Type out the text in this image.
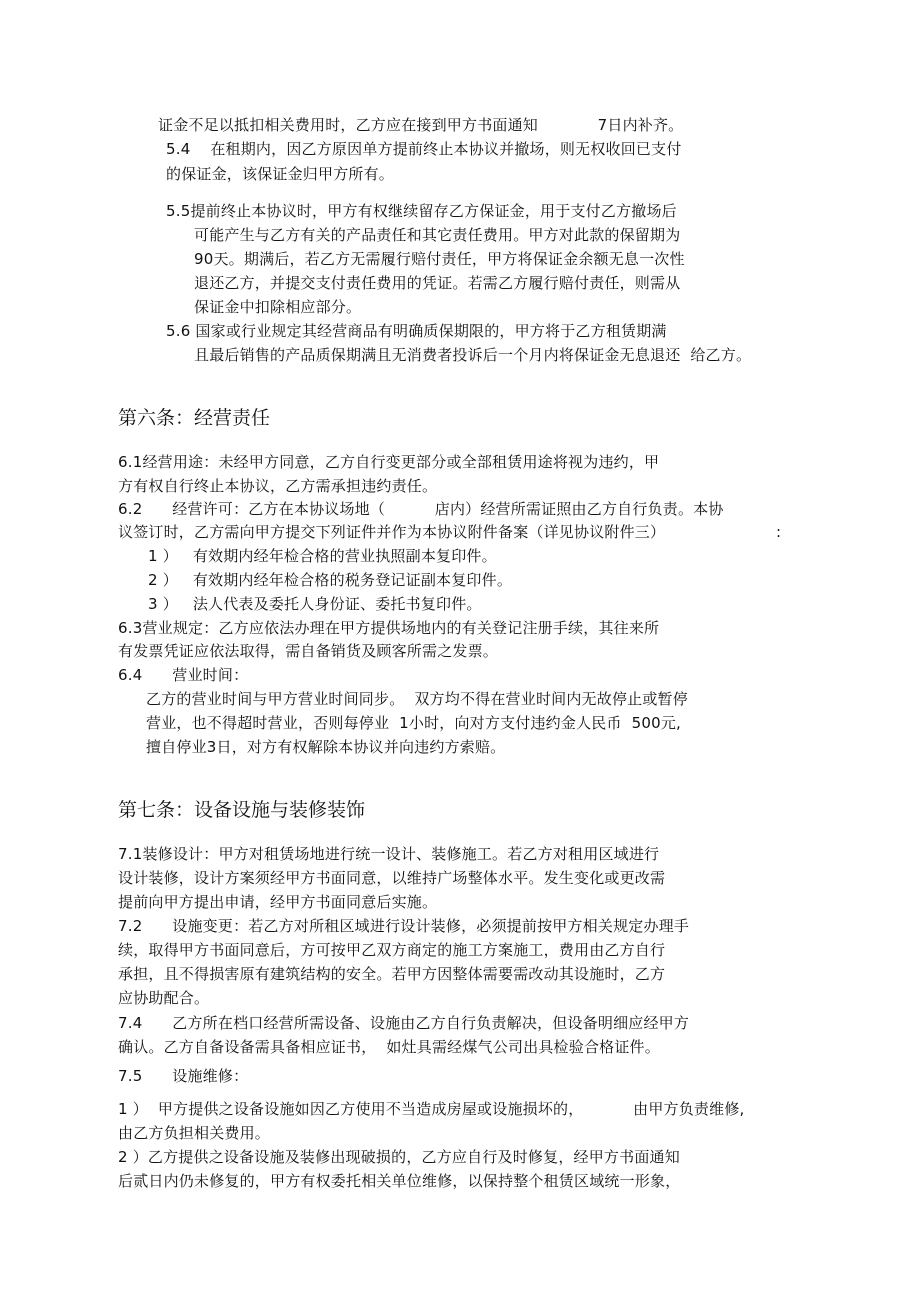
证金不足以抵扣相关费用时，乙方应在接到甲方书面通知            7日内补齐。
5.4    在租期内，因乙方原因单方提前终止本协议并撤场，则无权收回已支付
的保证金，该保证金归甲方所有。
5.5提前终止本协议时，甲方有权继续留存乙方保证金，用于支付乙方撤场后
可能产生与乙方有关的产品责任和其它责任费用。甲方对此款的保留期为
90天。期满后，若乙方无需履行赔付责任，甲方将保证金余额无息一次性
退还乙方，并提交支付责任费用的凭证。若需乙方履行赔付责任，则需从
保证金中扣除相应部分。
5.6 国家或行业规定其经营商品有明确质保期限的，甲方将于乙方租赁期满
且最后销售的产品质保期满且无消费者投诉后一个月内将保证金无息退还  给乙方。
第六条：经营责任
6.1经营用途：未经甲方同意，乙方自行变更部分或全部租赁用途将视为违约，甲
方有权自行终止本协议，乙方需承担违约责任。
6.2      经营许可：乙方在本协议场地（          店内）经营所需证照由乙方自行负责。本协
议签订时，乙方需向甲方提交下列证件并作为本协议附件备案（详见协议附件三）	:
1 ）   有效期内经年检合格的营业执照副本复印件。
2 ）   有效期内经年检合格的税务登记证副本复印件。
3 ）   法人代表及委托人身份证、委托书复印件。
6.3营业规定：乙方应依法办理在甲方提供场地内的有关登记注册手续，其往来所
有发票凭证应依法取得，需自备销货及顾客所需之发票。
6.4      营业时间：
乙方的营业时间与甲方营业时间同步。  双方均不得在营业时间内无故停止或暂停
营业，也不得超时营业，否则每停业  1小时，向对方支付违约金人民币  500元,
擅自停业3日，对方有权解除本协议并向违约方索赔。
第七条：设备设施与装修装饰
7.1装修设计：甲方对租赁场地进行统一设计、装修施工。若乙方对租用区域进行
设计装修，设计方案须经甲方书面同意，以维持广场整体水平。发生变化或更改需
提前向甲方提出申请，经甲方书面同意后实施。
7.2      设施变更：若乙方对所租区域进行设计装修，必须提前按甲方相关规定办理手
续，取得甲方书面同意后，方可按甲乙双方商定的施工方案施工，费用由乙方自行
承担，且不得损害原有建筑结构的安全。若甲方因整体需要需改动其设施时，乙方
应协助配合。
7.4      乙方所在档口经营所需设备、设施由乙方自行负责解决，但设备明细应经甲方
确认。乙方自备设备需具备相应证书，  如灶具需经煤气公司出具检验合格证件。
7.5      设施维修：
1 ）  甲方提供之设备设施如因乙方使用不当造成房屋或设施损坏的，          由甲方负责维修,
由乙方负担相关费用。
2 ）乙方提供之设备设施及装修出现破损的，乙方应自行及时修复，经甲方书面通知
后贰日内仍未修复的，甲方有权委托相关单位维修，以保持整个租赁区域统一形象，
